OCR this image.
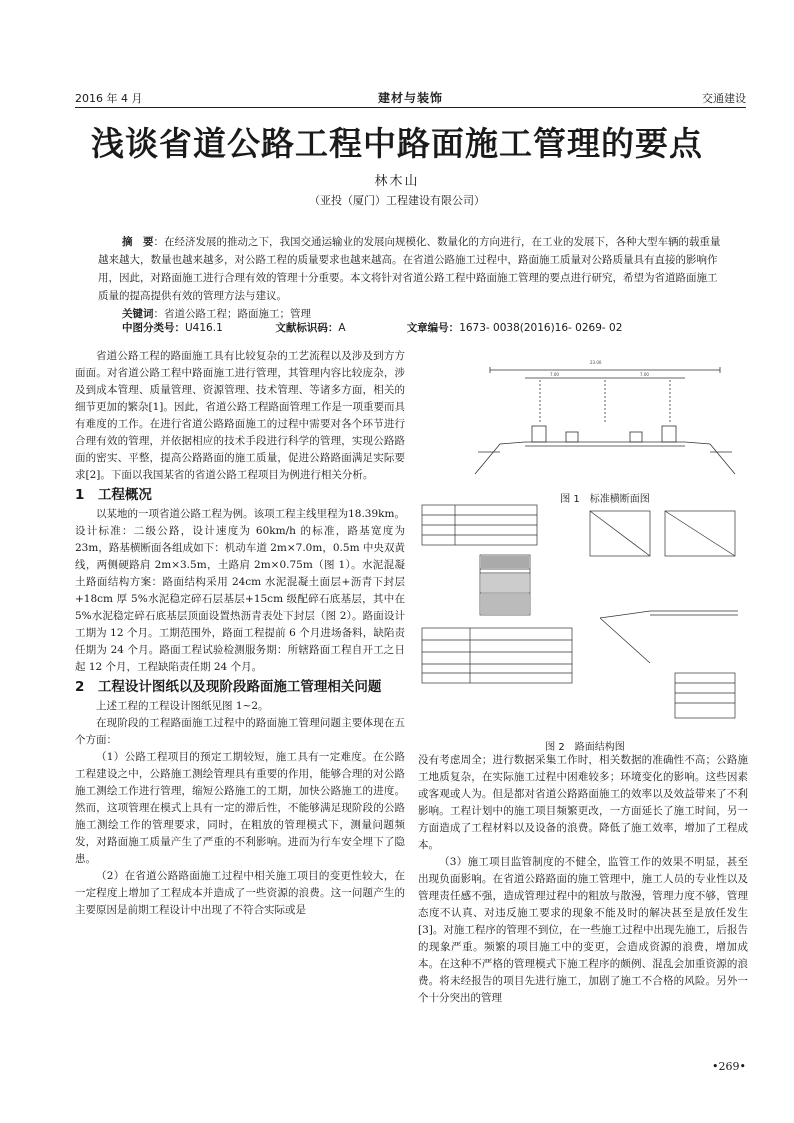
2016 年 4 月	建材与装饰	交通建设
浅谈省道公路工程中路面施工管理的要点
林木山
（亚投（厦门）工程建设有限公司）

摘　要：在经济发展的推动之下，我国交通运输业的发展向规模化、数量化的方向进行，在工业的发展下，各种大型车辆的载重量越来越大，数量也越来越多，对公路工程的质量要求也越来越高。在省道公路施工过程中，路面施工质量对公路质量具有直接的影响作用，因此，对路面施工进行合理有效的管理十分重要。本文将针对省道公路工程中路面施工管理的要点进行研究，希望为省道路面施工质量的提高提供有效的管理方法与建议。

关键词：省道公路工程；路面施工；管理

中图分类号：U416.1	文献标识码：A	文章编号：1673- 0038(2016)16- 0269- 02

省道公路工程的路面施工具有比较复杂的工艺流程以及涉及到方方面面。对省道公路工程中路面施工进行管理，其管理内容比较庞杂，涉及到成本管理、质量管理、资源管理、技术管理、等诸多方面，相关的细节更加的繁杂[1]。因此，省道公路工程路面管理工作是一项重要而具有难度的工作。在进行省道公路路面施工的过程中需要对各个环节进行合理有效的管理，并依据相应的技术手段进行科学的管理，实现公路路面的密实、平整，提高公路路面的施工质量，促进公路路面满足实际要求[2]。下面以我国某省的省道公路工程项目为例进行相关分析。

1　工程概况

以某地的一项省道公路工程为例。该项工程主线里程为18.39km。设计标准：二级公路，设计速度为 60km/h 的标准，路基宽度为 23m，路基横断面各组成如下：机动车道 2m×7.0m，0.5m 中央双黄线，两侧硬路肩 2m×3.5m，土路肩 2m×0.75m（图 1）。水泥混凝土路面结构方案：路面结构采用 24cm 水泥混凝土面层+沥青下封层+18cm 厚 5%水泥稳定碎石层基层+15cm 级配碎石底基层，其中在 5%水泥稳定碎石底基层顶面设置热沥青表处下封层（图 2）。路面设计工期为 12 个月。工期范围外，路面工程提前 6 个月进场备料，缺陷责任期为 24 个月。路面工程试验检测服务期：所辖路面工程自开工之日起 12 个月，工程缺陷责任期 24 个月。

2　工程设计图纸以及现阶段路面施工管理相关问题

上述工程的工程设计图纸见图 1~2。

在现阶段的工程路面施工过程中的路面施工管理问题主要体现在五个方面：

（1）公路工程项目的预定工期较短，施工具有一定难度。在公路工程建设之中，公路施工测绘管理具有重要的作用，能够合理的对公路施工测绘工作进行管理，缩短公路施工的工期，加快公路施工的进度。然而，这项管理在模式上具有一定的滞后性，不能够满足现阶段的公路施工测绘工作的管理要求，同时，在粗放的管理模式下，测量问题频发，对路面施工质量产生了严重的不利影响。进而为行车安全埋下了隐患。

（2）在省道公路路面施工过程中相关施工项目的变更性较大，在一定程度上增加了工程成本并造成了一些资源的浪费。这一问题产生的主要原因是前期工程设计中出现了不符合实际或是

23.00
7.00	7.00
图 1　标准横断面图
图 2　路面结构图

没有考虑周全；进行数据采集工作时，相关数据的准确性不高；公路施工地质复杂，在实际施工过程中困难较多；环境变化的影响。这些因素或客观或人为。但是都对省道公路路面施工的效率以及效益带来了不利影响。工程计划中的施工项目频繁更改，一方面延长了施工时间，另一方面造成了工程材料以及设备的浪费。降低了施工效率，增加了工程成本。

（3）施工项目监管制度的不健全，监管工作的效果不明显，甚至出现负面影响。在省道公路路面的施工管理中，施工人员的专业性以及管理责任感不强，造成管理过程中的粗放与散漫，管理力度不够，管理态度不认真、对违反施工要求的现象不能及时的解决甚至是放任发生[3]。对施工程序的管理不到位，在一些施工过程中出现先施工，后报告的现象严重。频繁的项目施工中的变更，会造成资源的浪费，增加成本。在这种不严格的管理模式下施工程序的颇例、混乱会加重资源的浪费。将未经报告的项目先进行施工，加剧了施工不合格的风险。另外一个十分突出的管理

•269•
